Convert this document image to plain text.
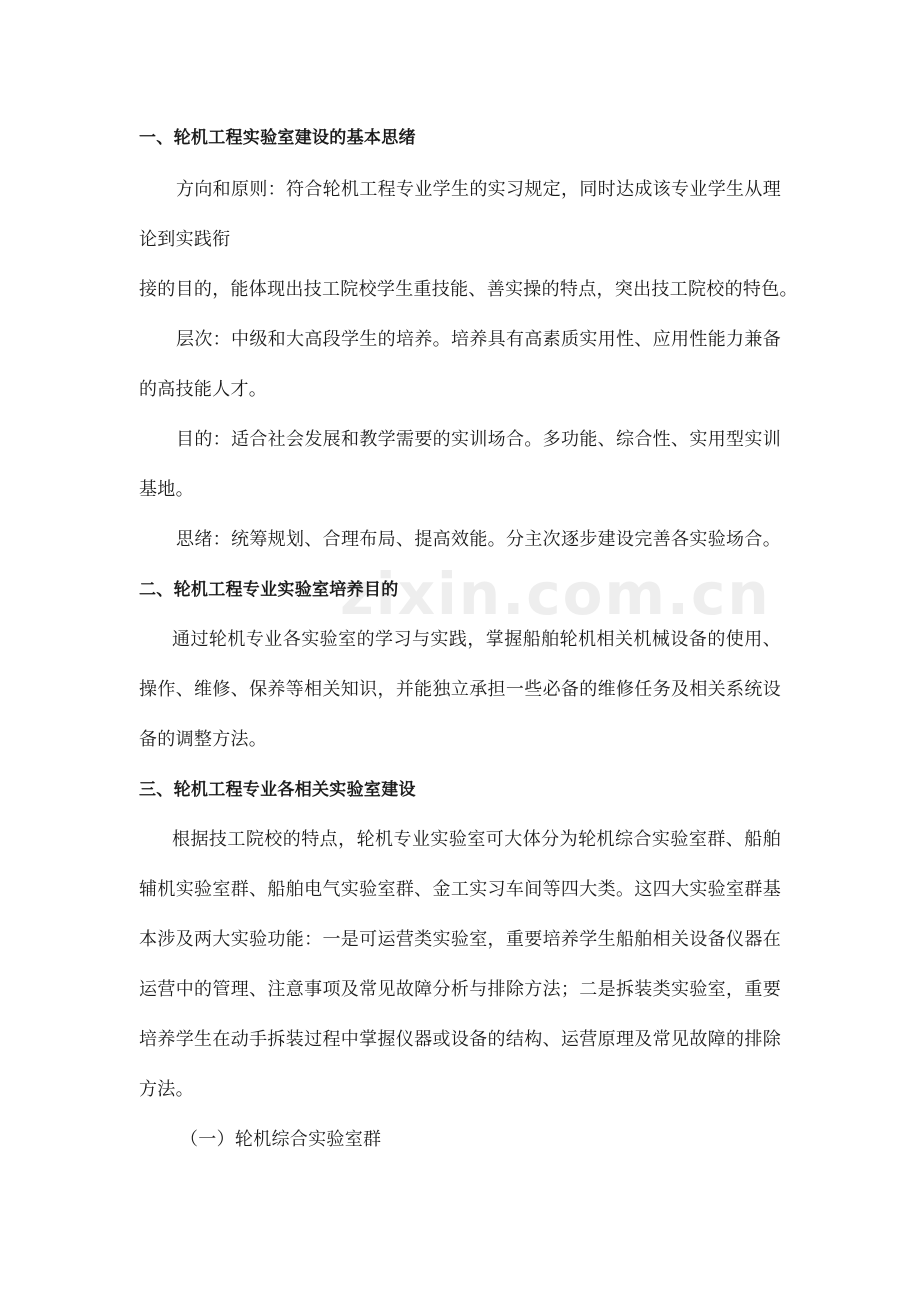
zixin.com.cn
一、轮机工程实验室建设的基本思绪
方向和原则：符合轮机工程专业学生的实习规定，同时达成该专业学生从理
论到实践衔
接的目的，能体现出技工院校学生重技能、善实操的特点，突出技工院校的特色。
层次：中级和大高段学生的培养。培养具有高素质实用性、应用性能力兼备
的高技能人才。
目的：适合社会发展和教学需要的实训场合。多功能、综合性、实用型实训
基地。
思绪：统筹规划、合理布局、提高效能。分主次逐步建设完善各实验场合。
二、轮机工程专业实验室培养目的
通过轮机专业各实验室的学习与实践，掌握船舶轮机相关机械设备的使用、
操作、维修、保养等相关知识，并能独立承担一些必备的维修任务及相关系统设
备的调整方法。
三、轮机工程专业各相关实验室建设
根据技工院校的特点，轮机专业实验室可大体分为轮机综合实验室群、船舶
辅机实验室群、船舶电气实验室群、金工实习车间等四大类。这四大实验室群基
本涉及两大实验功能：一是可运营类实验室，重要培养学生船舶相关设备仪器在
运营中的管理、注意事项及常见故障分析与排除方法；二是拆装类实验室，重要
培养学生在动手拆装过程中掌握仪器或设备的结构、运营原理及常见故障的排除
方法。
（一）轮机综合实验室群
